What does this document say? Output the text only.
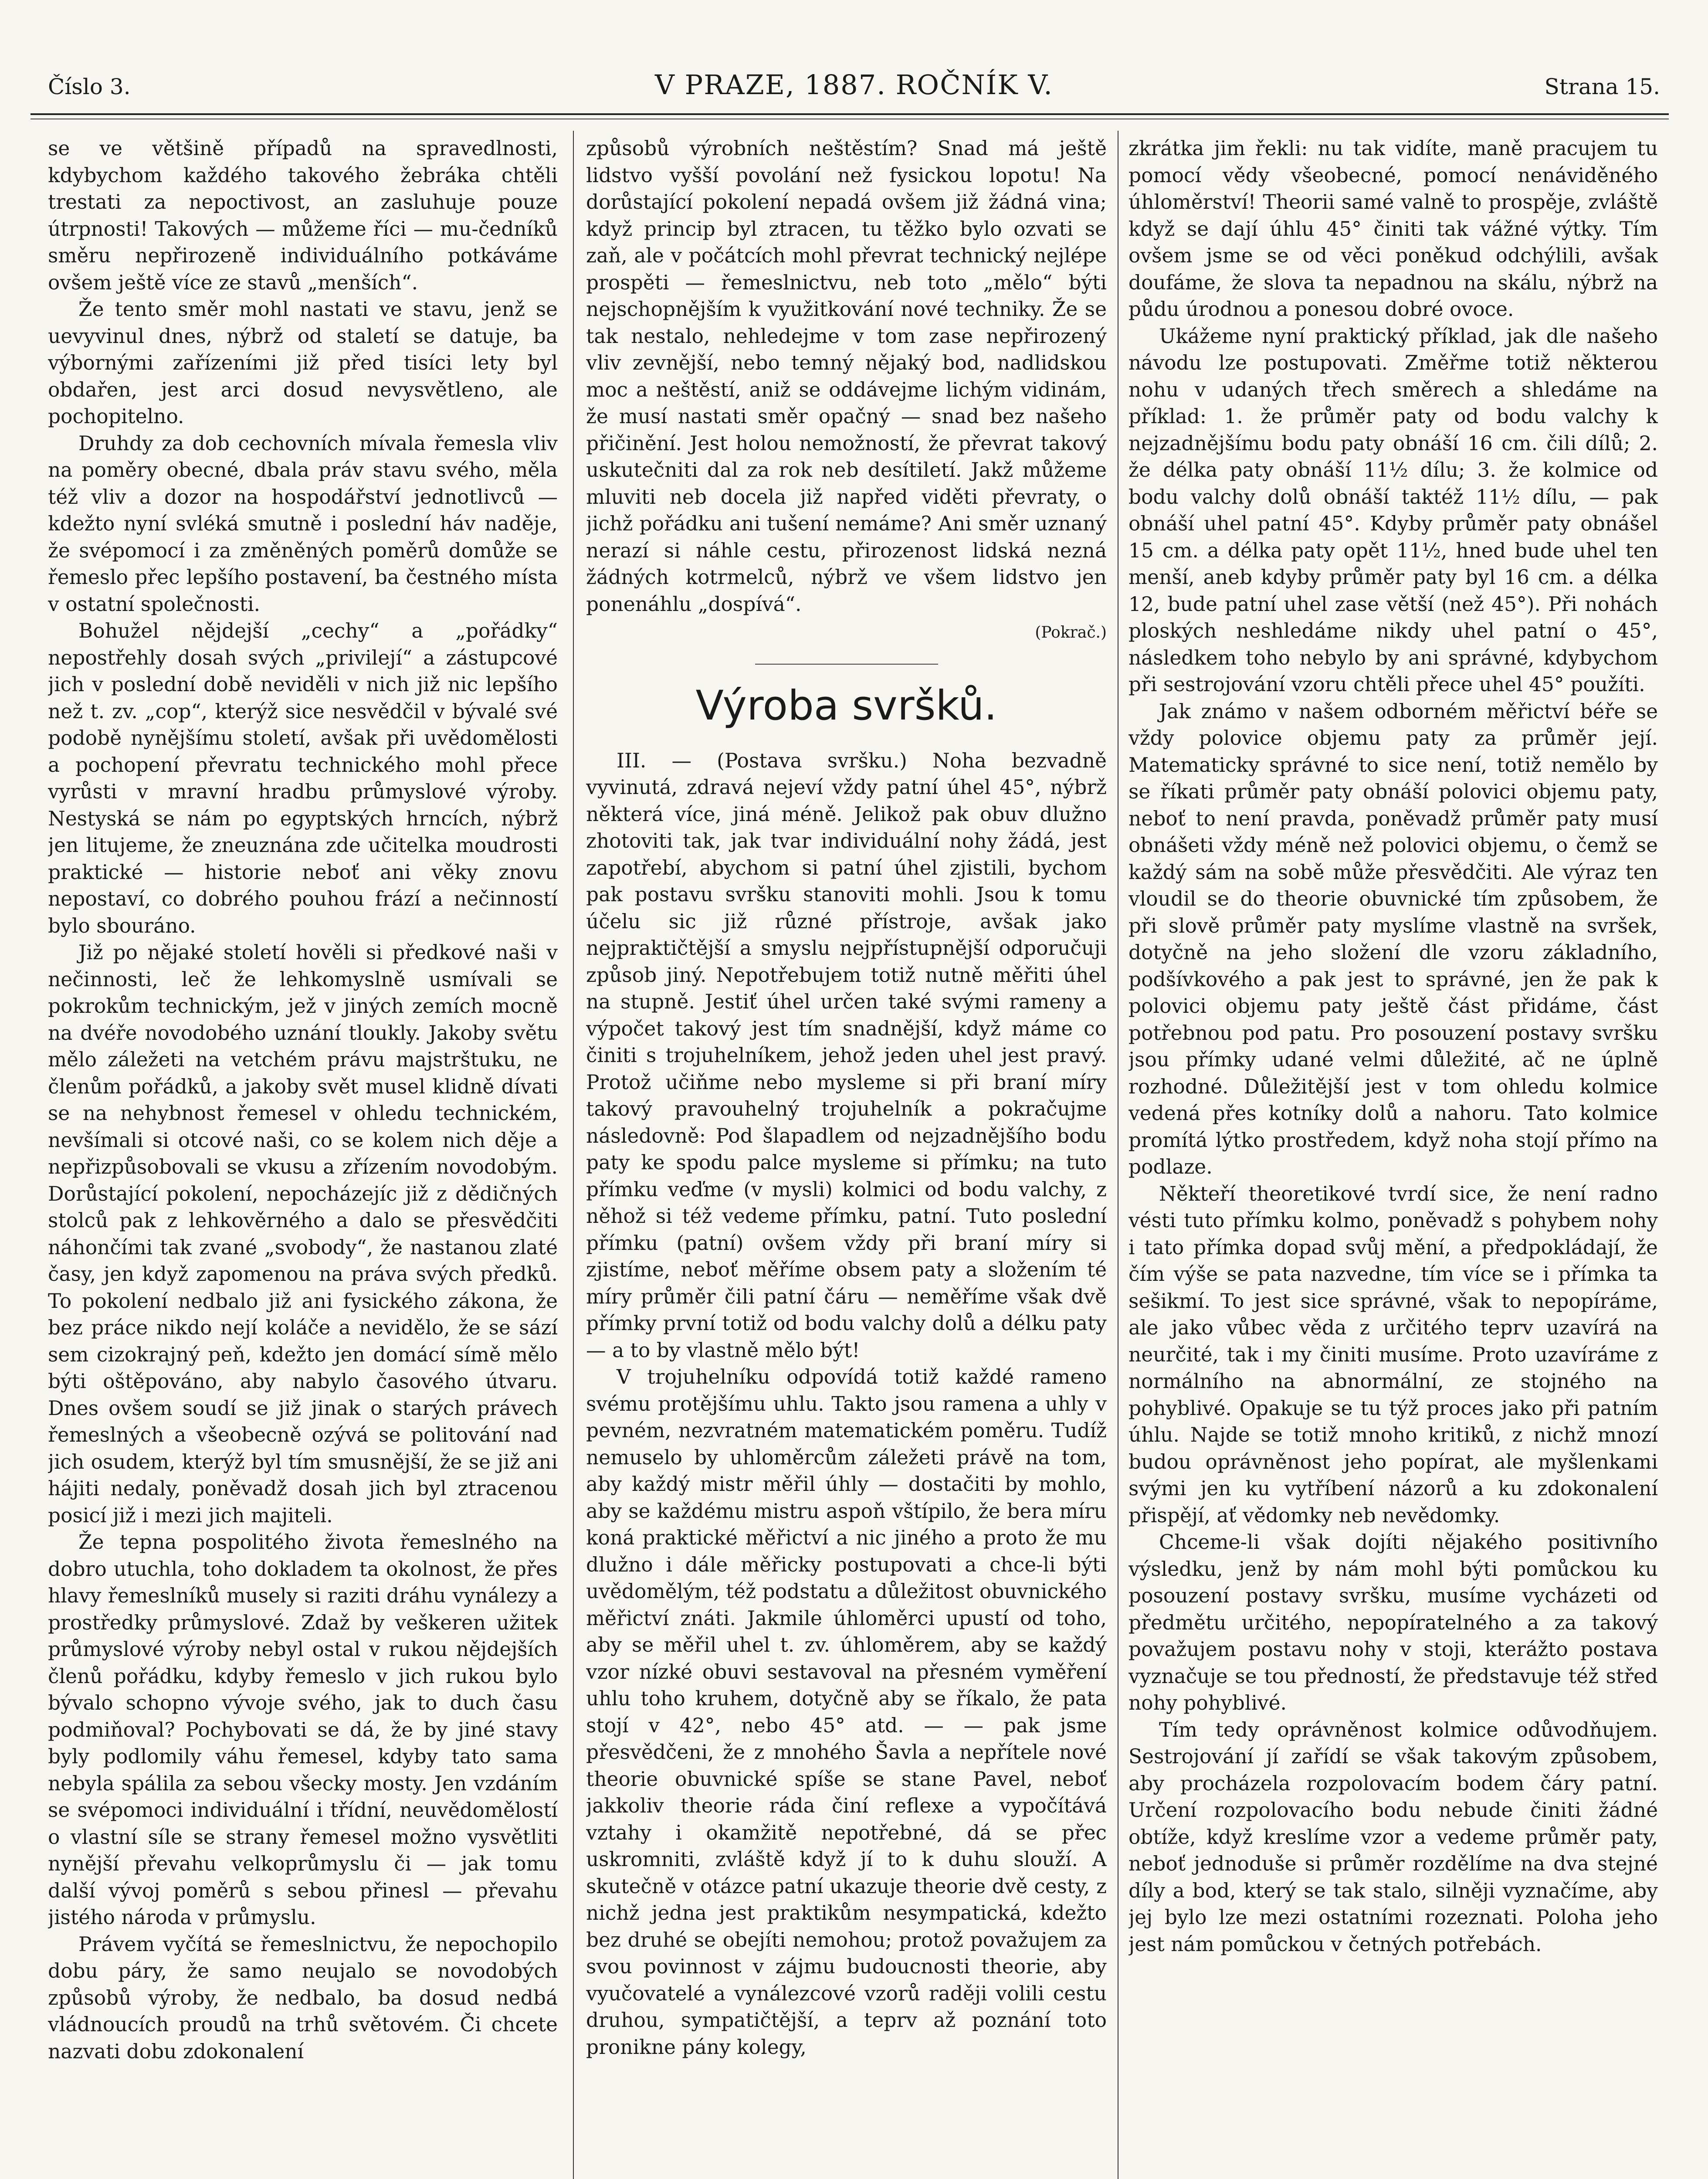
Číslo 3.	V PRAZE, 1887. ROČNÍK V.	Strana 15.

se ve většině případů na spravedlnosti, kdybychom každého takového žebráka chtěli trestati za nepoctivost, an zasluhuje pouze útrpnosti! Takových — můžeme říci — mu-čedníků směru nepřirozeně individuálního potkáváme ovšem ještě více ze stavů „menších“.

Že tento směr mohl nastati ve stavu, jenž se uevyvinul dnes, nýbrž od staletí se datuje, ba výbornými zařízeními již před tisíci lety byl obdařen, jest arci dosud nevysvětleno, ale pochopitelno.

Druhdy za dob cechovních mívala řemesla vliv na poměry obecné, dbala práv stavu svého, měla též vliv a dozor na hospodářství jednotlivců — kdežto nyní svléká smutně i poslední háv naděje, že svépomocí i za změněných poměrů domůže se řemeslo přec lepšího postavení, ba čestného místa v ostatní společnosti.

Bohužel nějdejší „cechy“ a „pořádky“ nepostřehly dosah svých „privilejí“ a zástupcové jich v poslední době neviděli v nich již nic lepšího než t. zv. „cop“, kterýž sice nesvědčil v bývalé své podobě nynějšímu století, avšak při uvědomělosti a pochopení převratu technického mohl přece vyrůsti v mravní hradbu průmyslové výroby. Nestyská se nám po egyptských hrncích, nýbrž jen litujeme, že zneuznána zde učitelka moudrosti praktické — historie neboť ani věky znovu nepostaví, co dobrého pouhou frází a nečinností bylo sbouráno.

Již po nějaké století hověli si předkové naši v nečinnosti, leč že lehkomyslně usmívali se pokrokům technickým, jež v jiných zemích mocně na dvéře novodobého uznání tloukly. Jakoby světu mělo záležeti na vetchém právu majstrštuku, ne členům pořádků, a jakoby svět musel klidně dívati se na nehybnost řemesel v ohledu technickém, nevšímali si otcové naši, co se kolem nich děje a nepřizpůsobovali se vkusu a zřízením novodobým. Dorůstající pokolení, nepocházejíc již z dědičných stolců pak z lehkověrného a dalo se přesvědčiti náhončími tak zvané „svobody“, že nastanou zlaté časy, jen když zapomenou na práva svých předků. To pokolení nedbalo již ani fysického zákona, že bez práce nikdo nejí koláče a nevidělo, že se sází sem cizokrajný peň, kdežto jen domácí símě mělo býti oštěpováno, aby nabylo časového útvaru. Dnes ovšem soudí se již jinak o starých právech řemeslných a všeobecně ozývá se politování nad jich osudem, kterýž byl tím smusnější, že se již ani hájiti nedaly, poněvadž dosah jich byl ztracenou posicí již i mezi jich majiteli.

Že tepna pospolitého života řemeslného na dobro utuchla, toho dokladem ta okolnost, že přes hlavy řemeslníků musely si raziti dráhu vynálezy a prostředky průmyslové. Zdaž by veškeren užitek průmyslové výroby nebyl ostal v rukou nějdejších členů pořádku, kdyby řemeslo v jich rukou bylo bývalo schopno vývoje svého, jak to duch času podmiňoval? Pochybovati se dá, že by jiné stavy byly podlomily váhu řemesel, kdyby tato sama nebyla spálila za sebou všecky mosty. Jen vzdáním se svépomoci individuální i třídní, neuvědomělostí o vlastní síle se strany řemesel možno vysvětliti nynější převahu velkoprůmyslu či — jak tomu další vývoj poměrů s sebou přinesl — převahu jistého národa v průmyslu.

Právem vyčítá se řemeslnictvu, že nepochopilo dobu páry, že samo neujalo se novodobých způsobů výroby, že nedbalo, ba dosud nedbá vládnoucích proudů na trhů světovém. Či chcete nazvati dobu zdokonalení

způsobů výrobních neštěstím? Snad má ještě lidstvo vyšší povolání než fysickou lopotu! Na dorůstající pokolení nepadá ovšem již žádná vina; když princip byl ztracen, tu těžko bylo ozvati se zaň, ale v počátcích mohl převrat technický nejlépe prospěti — řemeslnictvu, neb toto „mělo“ býti nejschopnějším k využitkování nové techniky. Že se tak nestalo, nehledejme v tom zase nepřirozený vliv zevnější, nebo temný nějaký bod, nadlidskou moc a neštěstí, aniž se oddávejme lichým vidinám, že musí nastati směr opačný — snad bez našeho přičinění. Jest holou nemožností, že převrat takový uskutečniti dal za rok neb desítiletí. Jakž můžeme mluviti neb docela již napřed viděti převraty, o jichž pořádku ani tušení nemáme? Ani směr uznaný nerazí si náhle cestu, přirozenost lidská nezná žádných kotrmelců, nýbrž ve všem lidstvo jen ponenáhlu „dospívá“.

(Pokrač.)
Výroba svršků.

III. — (Postava svršku.) Noha bezvadně vyvinutá, zdravá nejeví vždy patní úhel 45°, nýbrž některá více, jiná méně. Jelikož pak obuv dlužno zhotoviti tak, jak tvar individuální nohy žádá, jest zapotřebí, abychom si patní úhel zjistili, bychom pak postavu svršku stanoviti mohli. Jsou k tomu účelu sic již různé přístroje, avšak jako nejpraktičtější a smyslu nejpřístupnější odporučuji způsob jiný. Nepotřebujem totiž nutně měřiti úhel na stupně. Jestiť úhel určen také svými rameny a výpočet takový jest tím snadnější, když máme co činiti s trojuhelníkem, jehož jeden uhel jest pravý. Protož učiňme nebo mysleme si při braní míry takový pravouhelný trojuhelník a pokračujme následovně: Pod šlapadlem od nejzadnějšího bodu paty ke spodu palce mysleme si přímku; na tuto přímku veďme (v mysli) kolmici od bodu valchy, z něhož si též vedeme přímku, patní. Tuto poslední přímku (patní) ovšem vždy při braní míry si zjistíme, neboť měříme obsem paty a složením té míry průměr čili patní čáru — neměříme však dvě přímky první totiž od bodu valchy dolů a délku paty — a to by vlastně mělo být!

V trojuhelníku odpovídá totiž každé rameno svému protějšímu uhlu. Takto jsou ramena a uhly v pevném, nezvratném matematickém poměru. Tudíž nemuselo by uhloměrcům záležeti právě na tom, aby každý mistr měřil úhly — dostačiti by mohlo, aby se každému mistru aspoň vštípilo, že bera míru koná praktické měřictví a nic jiného a proto že mu dlužno i dále měřicky postupovati a chce-li býti uvědomělým, též podstatu a důležitost obuvnického měřictví znáti. Jakmile úhloměrci upustí od toho, aby se měřil uhel t. zv. úhloměrem, aby se každý vzor nízké obuvi sestavoval na přesném vyměření uhlu toho kruhem, dotyčně aby se říkalo, že pata stojí v 42°, nebo 45° atd. — — pak jsme přesvědčeni, že z mnohého Šavla a nepřítele nové theorie obuvnické spíše se stane Pavel, neboť jakkoliv theorie ráda činí reflexe a vypočítává vztahy i okamžitě nepotřebné, dá se přec uskromniti, zvláště když jí to k duhu slouží. A skutečně v otázce patní ukazuje theorie dvě cesty, z nichž jedna jest praktikům nesympatická, kdežto bez druhé se obejíti nemohou; protož považujem za svou povinnost v zájmu budoucnosti theorie, aby vyučovatelé a vynálezcové vzorů raději volili cestu druhou, sympatičtější, a teprv až poznání toto pronikne pány kolegy,

zkrátka jim řekli: nu tak vidíte, maně pracujem tu pomocí vědy všeobecné, pomocí nenáviděného úhloměrství! Theorii samé valně to prospěje, zvláště když se dají úhlu 45° činiti tak vážné výtky. Tím ovšem jsme se od věci poněkud odchýlili, avšak doufáme, že slova ta nepadnou na skálu, nýbrž na půdu úrodnou a ponesou dobré ovoce.

Ukážeme nyní praktický příklad, jak dle našeho návodu lze postupovati. Změřme totiž některou nohu v udaných třech směrech a shledáme na příklad: 1. že průměr paty od bodu valchy k nejzadnějšímu bodu paty obnáší 16 cm. čili dílů; 2. že délka paty obnáší 11½ dílu; 3. že kolmice od bodu valchy dolů obnáší taktéž 11½ dílu, — pak obnáší uhel patní 45°. Kdyby průměr paty obnášel 15 cm. a délka paty opět 11½, hned bude uhel ten menší, aneb kdyby průměr paty byl 16 cm. a délka 12, bude patní uhel zase větší (než 45°). Při nohách ploských neshledáme nikdy uhel patní o 45°, následkem toho nebylo by ani správné, kdybychom při sestrojování vzoru chtěli přece uhel 45° použíti.

Jak známo v našem odborném měřictví béře se vždy polovice objemu paty za průměr její. Matematicky správné to sice není, totiž nemělo by se říkati průměr paty obnáší polovici objemu paty, neboť to není pravda, poněvadž průměr paty musí obnášeti vždy méně než polovici objemu, o čemž se každý sám na sobě může přesvědčiti. Ale výraz ten vloudil se do theorie obuvnické tím způsobem, že při slově průměr paty myslíme vlastně na svršek, dotyčně na jeho složení dle vzoru základního, podšívkového a pak jest to správné, jen že pak k polovici objemu paty ještě část přidáme, část potřebnou pod patu. Pro posouzení postavy svršku jsou přímky udané velmi důležité, ač ne úplně rozhodné. Důležitější jest v tom ohledu kolmice vedená přes kotníky dolů a nahoru. Tato kolmice promítá lýtko prostředem, když noha stojí přímo na podlaze.

Někteří theoretikové tvrdí sice, že není radno vésti tuto přímku kolmo, poněvadž s pohybem nohy i tato přímka dopad svůj mění, a předpokládají, že čím výše se pata nazvedne, tím více se i přímka ta sešikmí. To jest sice správné, však to nepopíráme, ale jako vůbec věda z určitého teprv uzavírá na neurčité, tak i my činiti musíme. Proto uzavíráme z normálního na abnormální, ze stojného na pohyblivé. Opakuje se tu týž proces jako při patním úhlu. Najde se totiž mnoho kritiků, z nichž mnozí budou oprávněnost jeho popírat, ale myšlenkami svými jen ku vytříbení názorů a ku zdokonalení přispějí, ať vědomky neb nevědomky.

Chceme-li však dojíti nějakého positivního výsledku, jenž by nám mohl býti pomůckou ku posouzení postavy svršku, musíme vycházeti od předmětu určitého, nepopíratelného a za takový považujem postavu nohy v stoji, kterážto postava vyznačuje se tou předností, že představuje též střed nohy pohyblivé.

Tím tedy oprávněnost kolmice odůvodňujem. Sestrojování jí zařídí se však takovým způsobem, aby procházela rozpolovacím bodem čáry patní. Určení rozpolovacího bodu nebude činiti žádné obtíže, když kreslíme vzor a vedeme průměr paty, neboť jednoduše si průměr rozdělíme na dva stejné díly a bod, který se tak stalo, silněji vyznačíme, aby jej bylo lze mezi ostatními rozeznati. Poloha jeho jest nám pomůckou v četných potřebách.
